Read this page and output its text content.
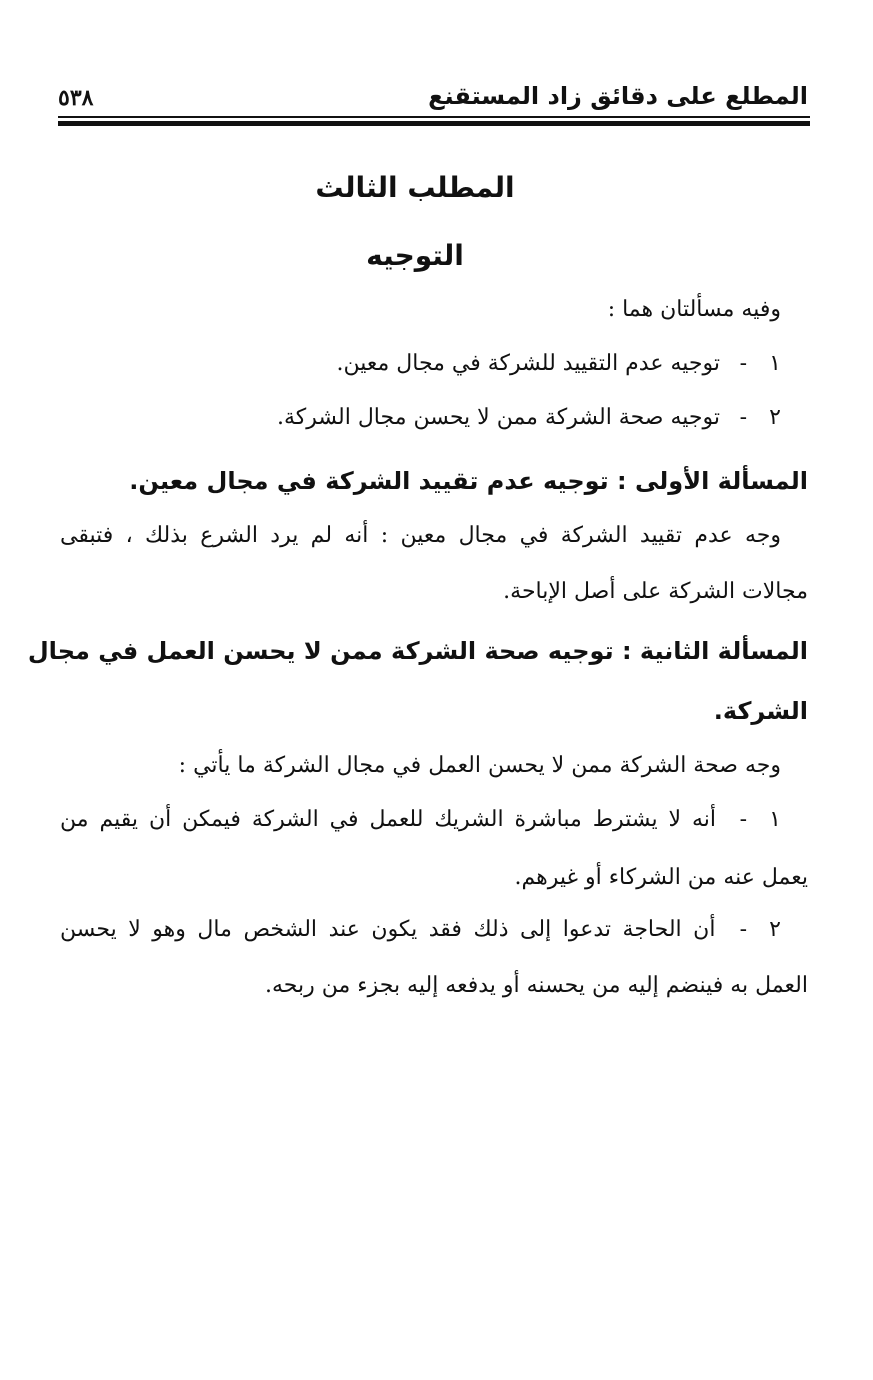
المطلع على دقائق زاد المستقنع
٥٣٨
المطلب الثالث
التوجيه
وفيه مسألتان هما :
١- توجيه عدم التقييد للشركة في مجال معين.
٢- توجيه صحة الشركة ممن لا يحسن مجال الشركة.
المسألة الأولى : توجيه عدم تقييد الشركة في مجال معين.
وجه عدم تقييد الشركة في مجال معين : أنه لم يرد الشرع بذلك ، فتبقى
مجالات الشركة على أصل الإباحة.
المسألة الثانية : توجيه صحة الشركة ممن لا يحسن العمل في مجال
الشركة.
وجه صحة الشركة ممن لا يحسن العمل في مجال الشركة ما يأتي :
١- أنه لا يشترط مباشرة الشريك للعمل في الشركة فيمكن أن يقيم من
يعمل عنه من الشركاء أو غيرهم.
٢- أن الحاجة تدعوا إلى ذلك فقد يكون عند الشخص مال وهو لا يحسن
العمل به فينضم إليه من يحسنه أو يدفعه إليه بجزء من ربحه.
